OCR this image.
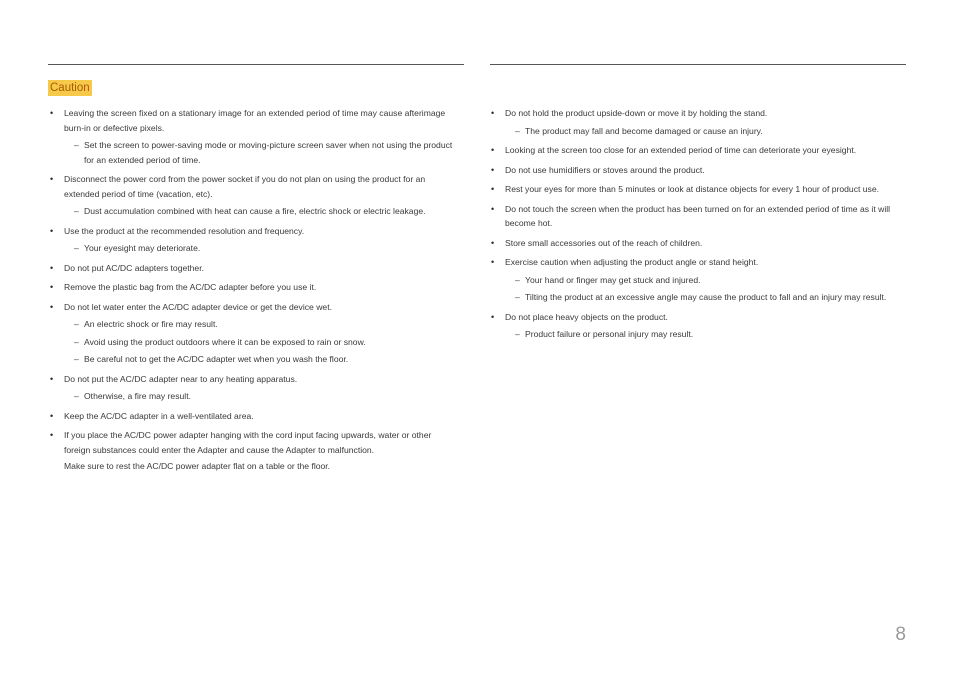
Caution
• Leaving the screen fixed on a stationary image for an extended period of time may cause afterimage burn-in or defective pixels.
– Set the screen to power-saving mode or moving-picture screen saver when not using the product for an extended period of time.
• Disconnect the power cord from the power socket if you do not plan on using the product for an extended period of time (vacation, etc).
– Dust accumulation combined with heat can cause a fire, electric shock or electric leakage.
• Use the product at the recommended resolution and frequency.
– Your eyesight may deteriorate.
• Do not put AC/DC adapters together.
• Remove the plastic bag from the AC/DC adapter before you use it.
• Do not let water enter the AC/DC adapter device or get the device wet.
– An electric shock or fire may result.
– Avoid using the product outdoors where it can be exposed to rain or snow.
– Be careful not to get the AC/DC adapter wet when you wash the floor.
• Do not put the AC/DC adapter near to any heating apparatus.
– Otherwise, a fire may result.
• Keep the AC/DC adapter in a well-ventilated area.
• If you place the AC/DC power adapter hanging with the cord input facing upwards, water or other foreign substances could enter the Adapter and cause the Adapter to malfunction.
Make sure to rest the AC/DC power adapter flat on a table or the floor.
• Do not hold the product upside-down or move it by holding the stand.
– The product may fall and become damaged or cause an injury.
• Looking at the screen too close for an extended period of time can deteriorate your eyesight.
• Do not use humidifiers or stoves around the product.
• Rest your eyes for more than 5 minutes or look at distance objects for every 1 hour of product use.
• Do not touch the screen when the product has been turned on for an extended period of time as it will become hot.
• Store small accessories out of the reach of children.
• Exercise caution when adjusting the product angle or stand height.
– Your hand or finger may get stuck and injured.
– Tilting the product at an excessive angle may cause the product to fall and an injury may result.
• Do not place heavy objects on the product.
– Product failure or personal injury may result.
8
